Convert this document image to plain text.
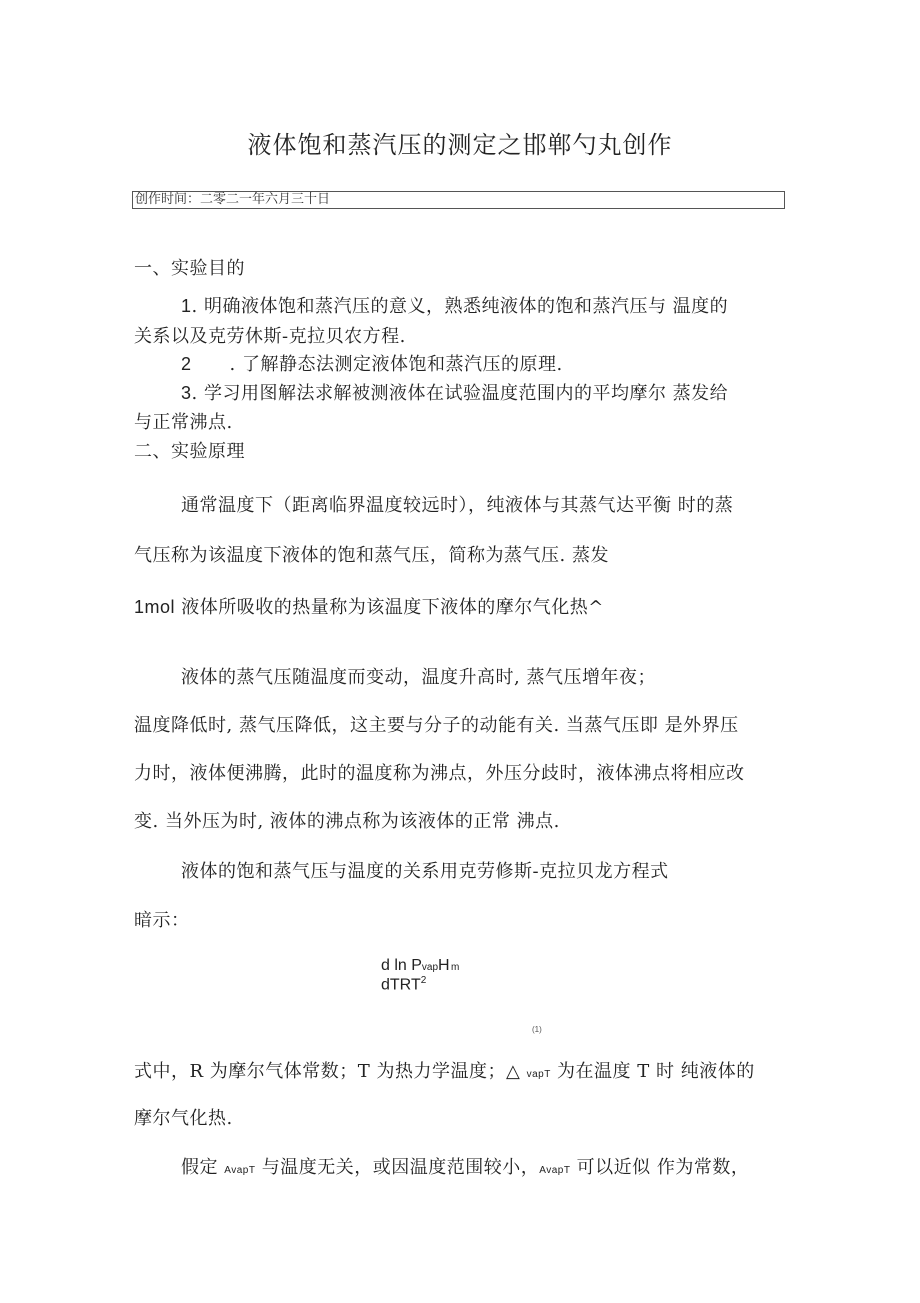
液体饱和蒸汽压的测定之邯郸勺丸创作
创作时间：二零二一年六月三十日
一、实验目的
1. 明确液体饱和蒸汽压的意义，熟悉纯液体的饱和蒸汽压与 温度的
关系以及克劳休斯-克拉贝农方程.
2 . 了解静态法测定液体饱和蒸汽压的原理.
3. 学习用图解法求解被测液体在试验温度范围内的平均摩尔 蒸发给
与正常沸点.
二、实验原理
通常温度下（距离临界温度较远时），纯液体与其蒸气达平衡 时的蒸
气压称为该温度下液体的饱和蒸气压，简称为蒸气压. 蒸发
1mol 液体所吸收的热量称为该温度下液体的摩尔气化热^
液体的蒸气压随温度而变动，温度升高时, 蒸气压增年夜；
温度降低时, 蒸气压降低，这主要与分子的动能有关. 当蒸气压即 是外界压
力时，液体便沸腾，此时的温度称为沸点，外压分歧时，液体沸点将相应改
变. 当外压为时, 液体的沸点称为该液体的正常 沸点.
液体的饱和蒸气压与温度的关系用克劳修斯-克拉贝龙方程式
暗示：
d ln PvapH m
dTRT$^2$
(1)
式中，R 为摩尔气体常数；T 为热力学温度；△ vapT 为在温度 T 时 纯液体的
摩尔气化热.
假定 AvapT 与温度无关，或因温度范围较小，AvapT 可以近似 作为常数，
